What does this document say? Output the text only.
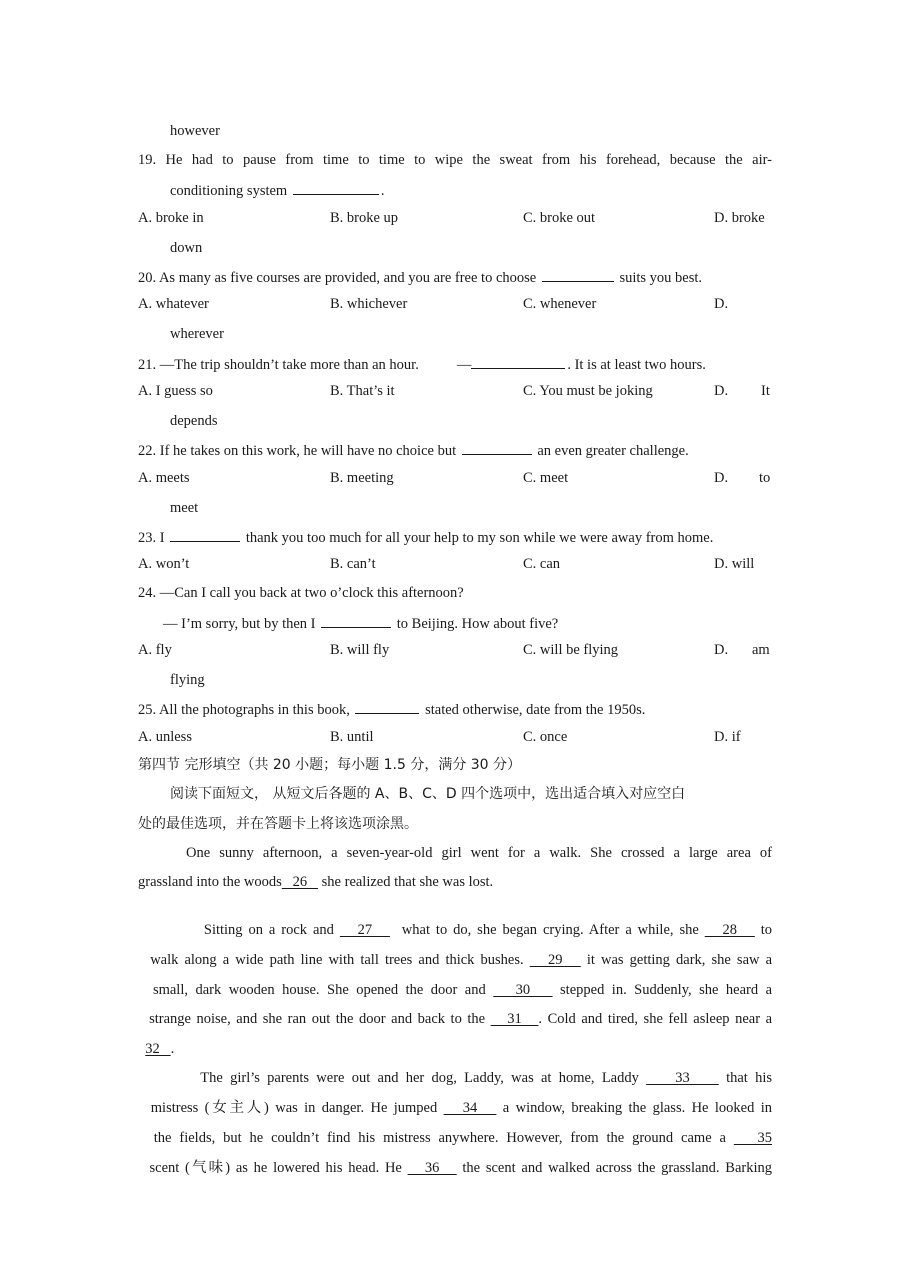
however
19. He had to pause from time to time to wipe the sweat from his forehead, because the air-
conditioning system	.
A. broke in	B. broke up	C. broke out	D. broke
down
20. As many as five courses are provided, and you are free to choose	suits you best.
A. whatever	B. whichever	C. whenever	D.
wherever
21. —The trip shouldn’t take more than an hour.	—	. It is at least two hours.
A. I guess so	B. That’s it	C. You must be joking	D. It
depends
22. If he takes on this work, he will have no choice but	an even greater challenge.
A. meets	B. meeting	C. meet	D. to
meet
23. I	thank you too much for all your help to my son while we were away from home.
A. won’t	B. can’t	C. can	D. will
24. —Can I call you back at two o’clock this afternoon?
— I’m sorry, but by then I	to Beijing. How about five?
A. fly	B. will fly	C. will be flying	D. am
flying
25. All the photographs in this book,	stated otherwise, date from the 1950s.
A. unless	B. until	C. once	D. if
第四节 完形填空（共 20 小题；每小题 1.5 分，满分 30 分）
阅读下面短文， 从短文后各题的 A、B、C、D 四个选项中，选出适合填入对应空白
处的最佳选项，并在答题卡上将该选项涂黑。
One sunny afternoon, a seven-year-old girl went for a walk. She crossed a large area of
grassland into the woods   26    she realized that she was lost.

Sitting on a rock and    27     what to do, she began crying. After a while, she    28    to

walk along a wide path line with tall trees and thick bushes.    29    it was getting dark, she saw a

small, dark wooden house. She opened the door and    30    stepped in. Suddenly, she heard a

strange noise, and she ran out the door and back to the    31   . Cold and tired, she fell asleep near a

32   .

The girl’s parents were out and her dog, Laddy, was at home, Laddy     33     that his

mistress (女主人) was in danger. He jumped    34    a window, breaking the glass. He looked in

the fields, but he couldn’t find his mistress anywhere. However, from the ground came a    35

scent (气味) as he lowered his head. He    36    the scent and walked across the grassland. Barking
